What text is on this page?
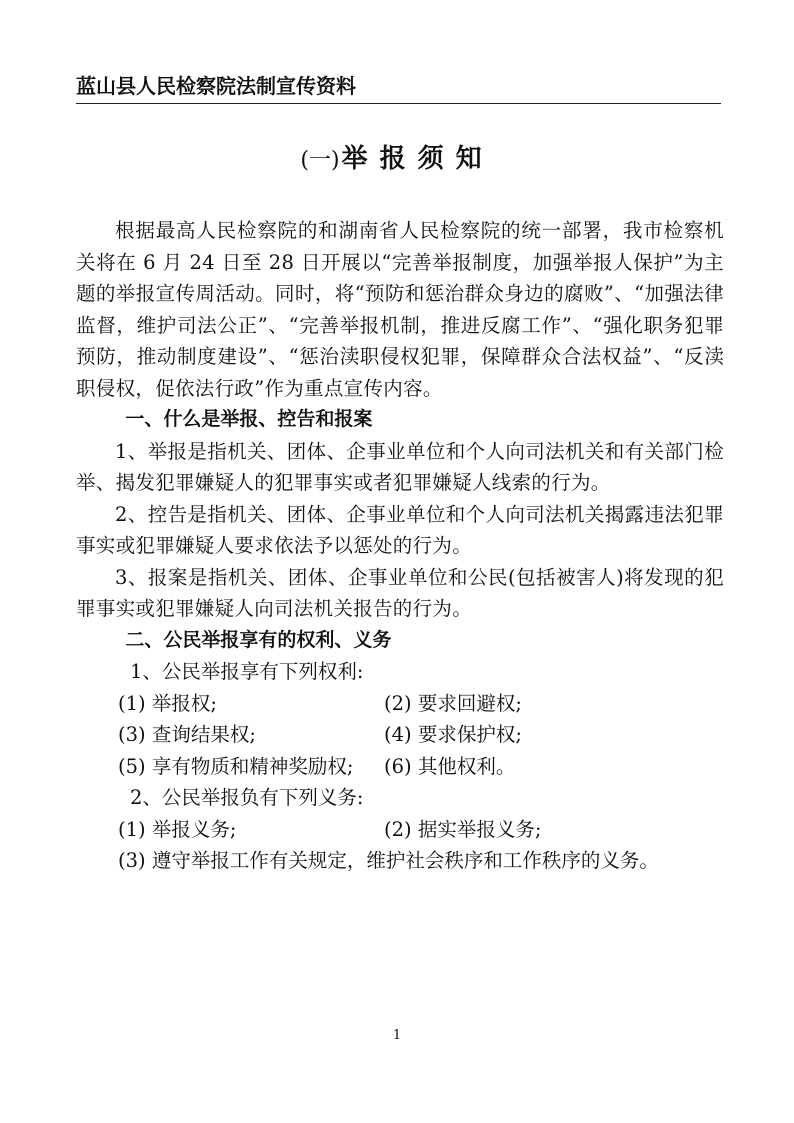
蓝山县人民检察院法制宣传资料
(一)举 报 须 知

根据最高人民检察院的和湖南省人民检察院的统一部署，我市检察机关将在 6 月 24 日至 28 日开展以“完善举报制度，加强举报人保护”为主题的举报宣传周活动。同时，将“预防和惩治群众身边的腐败”、“加强法律监督，维护司法公正”、“完善举报机制，推进反腐工作”、“强化职务犯罪预防，推动制度建设”、“惩治渎职侵权犯罪，保障群众合法权益”、“反渎职侵权，促依法行政”作为重点宣传内容。

一、什么是举报、控告和报案

1、举报是指机关、团体、企事业单位和个人向司法机关和有关部门检举、揭发犯罪嫌疑人的犯罪事实或者犯罪嫌疑人线索的行为。

2、控告是指机关、团体、企事业单位和个人向司法机关揭露违法犯罪事实或犯罪嫌疑人要求依法予以惩处的行为。

3、报案是指机关、团体、企事业单位和公民(包括被害人)将发现的犯罪事实或犯罪嫌疑人向司法机关报告的行为。

二、公民举报享有的权利、义务

1、公民举报享有下列权利:

(1) 举报权;	(2) 要求回避权;
(3) 查询结果权;	(4) 要求保护权;
(5) 享有物质和精神奖励权;	(6) 其他权利。

2、公民举报负有下列义务:

(1) 举报义务;	(2) 据实举报义务;

(3) 遵守举报工作有关规定，维护社会秩序和工作秩序的义务。

1
